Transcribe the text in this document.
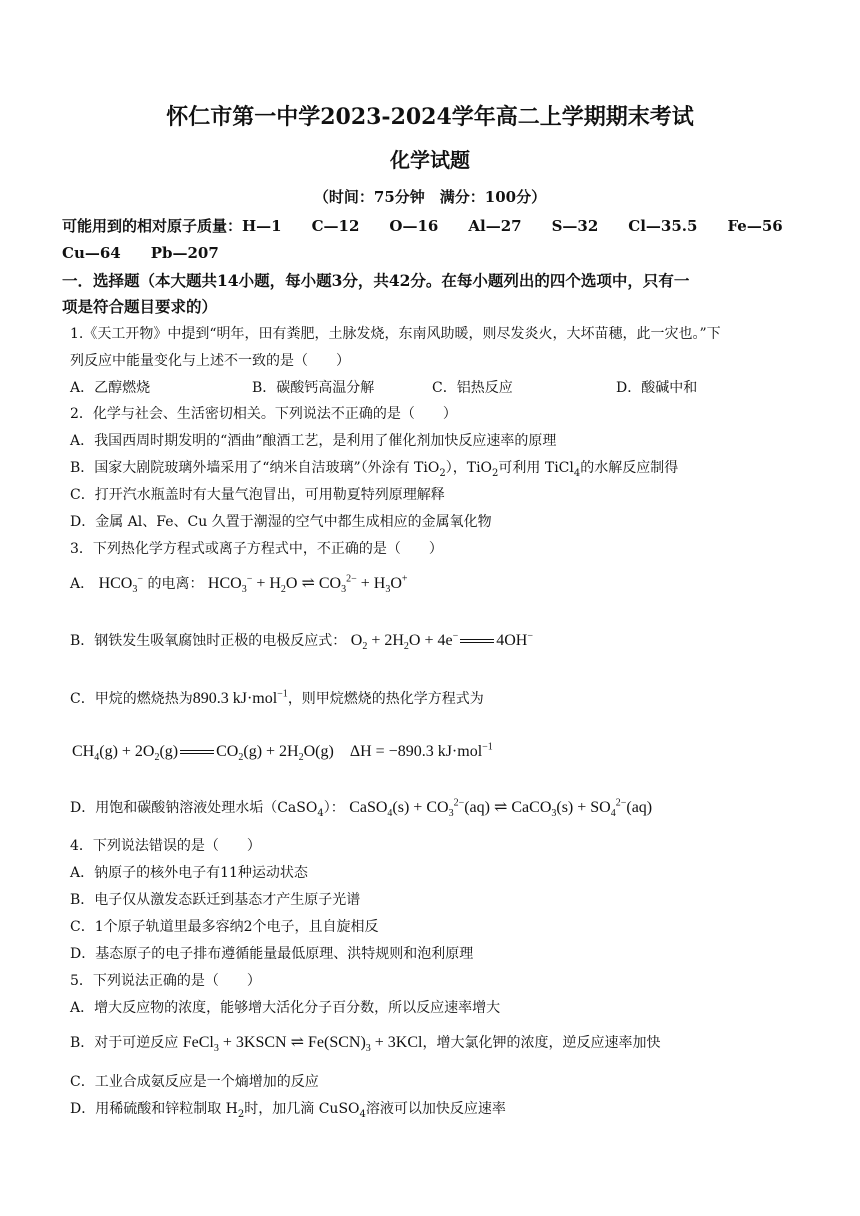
怀仁市第一中学2023-2024学年高二上学期期末考试
化学试题
（时间：75分钟　满分：100分）
可能用到的相对原子质量：H—1　　C—12　　O—16　　Al—27　　S—32　　Cl—35.5　　Fe—56
Cu—64　　Pb—207
一．选择题（本大题共14小题，每小题3分，共42分。在每小题列出的四个选项中，只有一
项是符合题目要求的）
1.《天工开物》中提到“明年，田有粪肥，土脉发烧，东南风助暖，则尽发炎火，大坏苗穗，此一灾也。”下
列反应中能量变化与上述不一致的是（　　）
A．乙醇燃烧	B．碳酸钙高温分解	C．铝热反应	D．酸碱中和
2．化学与社会、生活密切相关。下列说法不正确的是（　　）
A．我国西周时期发明的“酒曲”酿酒工艺，是利用了催化剂加快反应速率的原理
B．国家大剧院玻璃外墙采用了“纳米自洁玻璃”（外涂有 TiO$_2$），TiO$_2$可利用 TiCl$_4$的水解反应制得
C．打开汽水瓶盖时有大量气泡冒出，可用勒夏特列原理解释
D．金属 Al、Fe、Cu 久置于潮湿的空气中都生成相应的金属氧化物
3．下列热化学方程式或离子方程式中，不正确的是（　　）
A． $HCO_3^-$ 的电离： $HCO_3^- + H_2O$ ⇌ $CO_3^{2-} + H_3O^+$
B．钢铁发生吸氧腐蚀时正极的电极反应式： $O_2 + 2H_2O + 4e^-$ 4OH−
C．甲烷的燃烧热为890.3 kJ·mol$^{-1}$，则甲烷燃烧的热化学方程式为
$CH_4(g) + 2O_2(g) CO_2(g) + 2H_2O(g)$    ΔH = −890.3 kJ·mol$^{-1}$
D．用饱和碳酸钠溶液处理水垢（CaSO$_4$）： CaSO$_4$(s) + $CO_3^{2-}(aq)$ ⇌ CaCO$_3$(s) + $SO_4^{2-}(aq)$
4．下列说法错误的是（　　）
A．钠原子的核外电子有11种运动状态
B．电子仅从激发态跃迁到基态才产生原子光谱
C．1个原子轨道里最多容纳2个电子，且自旋相反
D．基态原子的电子排布遵循能量最低原理、洪特规则和泡利原理
5．下列说法正确的是（　　）
A．增大反应物的浓度，能够增大活化分子百分数，所以反应速率增大
B．对于可逆反应 FeCl$_3$ + 3KSCN ⇌ $Fe(SCN)_3 + 3KCl$，增大氯化钾的浓度，逆反应速率加快
C．工业合成氨反应是一个熵增加的反应
D．用稀硫酸和锌粒制取 $H_2$时，加几滴 CuSO$_4$溶液可以加快反应速率
